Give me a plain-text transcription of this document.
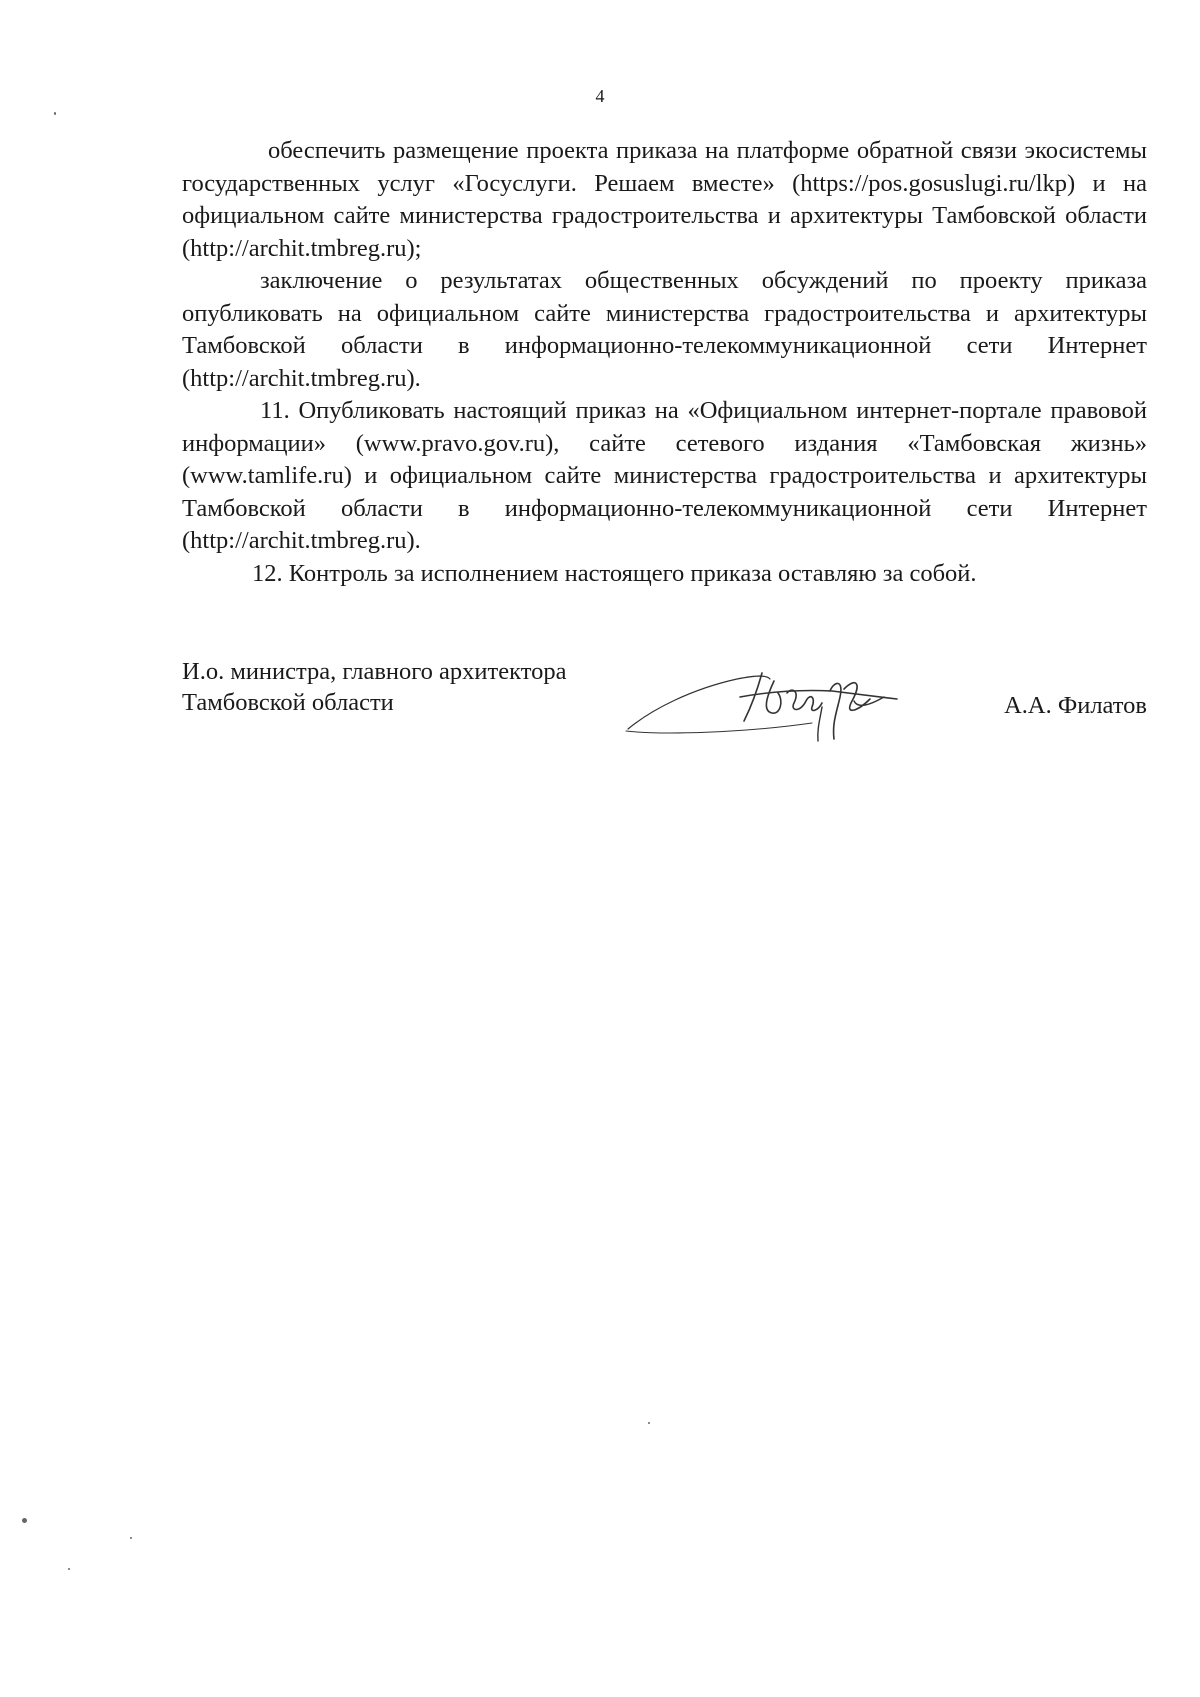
4

обеспечить размещение проекта приказа на платформе обратной связи экосистемы государственных услуг «Госуслуги. Решаем вместе» (https://pos.gosuslugi.ru/lkp) и на официальном сайте министерства градостроительства и архитектуры Тамбовской области (http://archit.tmbreg.ru);

заключение о результатах общественных обсуждений по проекту приказа опубликовать на официальном сайте министерства градостроительства и архитектуры Тамбовской области в информационно-телекоммуникационной сети Интернет (http://archit.tmbreg.ru).

11. Опубликовать настоящий приказ на «Официальном интернет-портале правовой информации» (www.pravo.gov.ru), сайте сетевого издания «Тамбовская жизнь» (www.tamlife.ru) и официальном сайте министерства градостроительства и архитектуры Тамбовской области в информационно-телекоммуникационной сети Интернет (http://archit.tmbreg.ru).

12. Контроль за исполнением настоящего приказа оставляю за собой.

И.о. министра, главного архитектора
Тамбовской области	А.А. Филатов
